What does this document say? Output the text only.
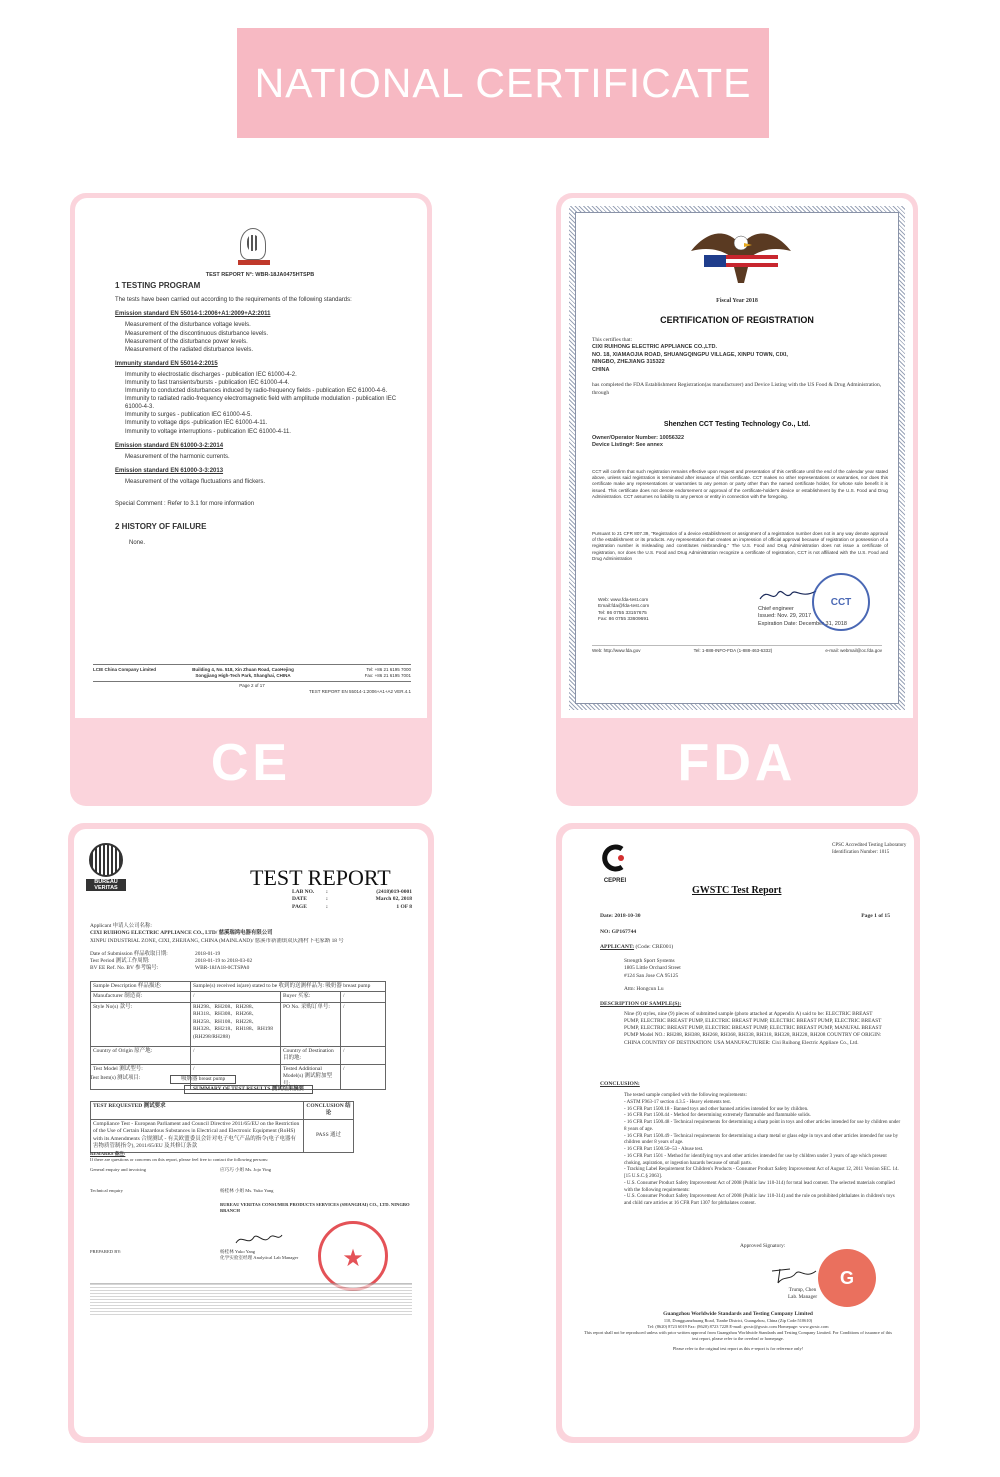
NATIONAL CERTIFICATE
TEST REPORT N°: WBR-18JA0475HTSPB
1 TESTING PROGRAM
The tests have been carried out according to the requirements of the following standards:
Emission standard EN 55014-1:2006+A1:2009+A2:2011
Measurement of the disturbance voltage levels.
Measurement of the discontinuous disturbance levels.
Measurement of the disturbance power levels.
Measurement of the radiated disturbance levels.
Immunity standard EN 55014-2:2015
Immunity to electrostatic discharges - publication IEC 61000-4-2.
Immunity to fast transients/bursts - publication IEC 61000-4-4.
Immunity to conducted disturbances induced by radio-frequency fields - publication IEC 61000-4-6.
Immunity to radiated radio-frequency electromagnetic field with amplitude modulation - publication IEC 61000-4-3.
Immunity to surges - publication IEC 61000-4-5.
Immunity to voltage dips -publication IEC 61000-4-11.
Immunity to voltage interruptions - publication IEC 61000-4-11.
Emission standard EN 61000-3-2:2014
Measurement of the harmonic currents.
Emission standard EN 61000-3-3:2013
Measurement of the voltage fluctuations and flickers.
Special Comment : Refer to 3.1 for more information
2 HISTORY OF FAILURE
None.
LCIE China Company Limited	Building 4, No. 518, Xin Zhuan Road, CaoHejing Songjiang High-Tech Park, Shanghai, CHINA
Tel: +86 21 6195 7000
Fax: +86 21 6195 7001
Page 2 of 17
TEST REPORT EN 55014-1:2006+A1+A2 VER.4.1
CE
Fiscal Year 2018
CERTIFICATION OF REGISTRATION
This certifies that:
CIXI RUIHONG ELECTRIC APPLIANCE CO.,LTD.
NO. 18, XIAMAOJIA ROAD, SHUANGQINGPU VILLAGE, XINPU TOWN, CIXI,
NINGBO, ZHEJIANG 315322
CHINA
has completed the FDA Establishment Registration(as manufacturer) and Device Listing with the US Food & Drug Administration, through
Shenzhen CCT Testing Technology Co., Ltd.
Owner/Operator Number: 10056322
Device Listing#: See annex
CCT will confirm that such registration remains effective upon request and presentation of this certificate until the end of the calendar year stated above, unless said registration is terminated after issuance of this certificate. CCT makes no other representations or warranties, nor does this certificate make any representations or warranties to any person or party other than the named certificate holder, for whose sole benefit it is issued. This certificate does not denote endorsement or approval of the certificate-holder's device or establishment by the U.S. Food and Drug Administration. CCT assumes no liability to any person or entity in connection with the foregoing.
Pursuant to 21 CFR 807.39, "Registration of a device establishment or assignment of a registration number does not in any way denote approval of the establishment or its products. Any representation that creates an impression of official approval because of registration or possession of a registration number is misleading and constitutes misbranding." The U.S. Food and Drug Administration does not issue a certificate of registration, nor does the U.S. Food and Drug Administration recognize a certificate of registration, CCT is not affiliated with the U.S. Food and Drug Administration
Web: www.fda-test.com
Email:fda@fda-test.com
Tel: 86 0755 33157675
Fax: 86 0755 33609691
Chief engineer
Issued: Nov. 29, 2017
Expiration Date: December 31, 2018
CCT
Web: http://www.fda.gov	Tel: 1-888-INFO-FDA (1-888-463-6332)	e-mail: webmail@oc.fda.gov
FDA
BUREAU
VERITAS	TEST REPORT
LAB NO.	:	(2418)019-0001
DATE	:	March 02, 2018
PAGE	:	1 OF 8
Applicant 申请人公司名称:
CIXI RUIHONG ELECTRIC APPLIANCE CO., LTD/ 慈溪瑞鸿电器有限公司
XINPU INDUSTRIAL ZONE, CIXI, ZHEJIANG, CHINA (MAINLAND)/ 慈溪市新浦镇双庆浦村下毛家路 18 号
Date of Submission 样品收取日期:	2018-01-19
Test Period 测试工作周期:	2018-01-19 to 2018-03-02
BV EE Ref. No. BV 参考编号:	WBR-18JA18-0CTSPA0
Sample Description 样品描述:	Sample(s) received is(are) stated to be 收到的送测样品为: 吸奶器 breast pump		
Manufacturer 制造商:	/	Buyer 买家:	/
Style No(s) 款号:	RH298、RH208、RH288、RH318、RH308、RH268、RH258、RH108、RH228、RH328、RH218、RH188、RH198 (RH298/RH288)	PO No. 采购订单号:	/
Country of Origin 原产地:	/	Country of Destination 目的地:	/
Test Model 测试型号:	/	Tested Additional Model(s) 测试附加型号:	/
Test Item(s) 测试项目:	吸奶器 breast pump
SUMMARY OF TEST RESULTS 测试结果摘要
TEST REQUESTED 测试要求	CONCLUSION 结论
Compliance Test - European Parliament and Council Directive 2011/65/EU on the Restriction of the Use of Certain Hazardous Substances in Electrical and Electronic Equipment (RoHS) with its Amendments 合规测试 - 有关欧盟委员会针对电子电气产品的指令(电子电器有害物质管制指令), 2011/65/EU 及其修订条款	PASS 通过
REMARKS 备注:
If there are questions or concerns on this report, please feel free to contact the following persons:
General enquiry and invoicing
Technical enquiry
应巧巧 小姐 Ms. Jojo Ying
杨桂林 小姐 Ms. Yuko Yang
BUREAU VERITAS CONSUMER PRODUCTS SERVICES (SHANGHAI) CO., LTD. NINGBO BRANCH
PREPARED BY:	杨桂林 Yuko Yang
化学实验室经理 Analytical Lab Manager	★
CEPREI
CPSC Accredited Testing Laboratory Identification Number: 1015
GWSTC Test Report
Date: 2018-10-30	Page 1 of 15
NO: GP167744
APPLICANT: (Code: CRE001)
Strength Sport Systems
1805 Little Orchard Street
#124 San Jose CA 95125
Attn: Hongcun Lu
DESCRIPTION OF SAMPLE(S):
Nine (9) styles, nine (9) pieces of submitted sample (photo attached at Appendix A) said to be: ELECTRIC BREAST PUMP, ELECTRIC BREAST PUMP, ELECTRIC BREAST PUMP, ELECTRIC BREAST PUMP, ELECTRIC BREAST PUMP, ELECTRIC BREAST PUMP, ELECTRIC BREAST PUMP, ELECTRIC BREAST PUMP, MANUFAL BREAST PUMP Model NO.: RH288, RH388, RH268, RH368, RH338, RH318, RH328, RH228, RH208 COUNTRY OF ORIGIN: CHINA COUNTRY OF DESTINATION: USA MANUFACTURER: Cixi Ruihong Electric Appliace Co., Ltd.
CONCLUSION:
The tested sample complied with the following requirements:
- ASTM F963-17 section 4.3.5 - Heavy elements test.
- 16 CFR Part 1500.18 - Banned toys and other banned articles intended for use by children.
- 16 CFR Part 1500.44 - Method for determining extremely flammable and flammable solids.
- 16 CFR Part 1500.48 - Technical requirements for determining a sharp point in toys and other articles intended for use by children under 8 years of age.
- 16 CFR Part 1500.49 - Technical requirements for determining a sharp metal or glass edge in toys and other articles intended for use by children under 8 years of age.
- 16 CFR Part 1500.50~53 - Abuse test.
- 16 CFR Part 1501 - Method for identifying toys and other articles intended for use by children under 3 years of age which present choking, aspiration, or ingestion hazards because of small parts.
- Tracking Label Requirement for Children's Products - Consumer Product Safety Improvement Act of August 12, 2011 Version SEC. 14. [15 U.S.C.§ 2063].
- U.S. Consumer Product Safety Improvement Act of 2008 (Public law 110-314) for total lead content. The selected materials complied with the following requirements:
- U.S. Consumer Product Safety Improvement Act of 2008 (Public law 110-314) and the rule on prohibited phthalates in children's toys and child care articles at 16 CFR Part 1307 for phthalates content.
Approved Signatory:
Trump, Chen
Lab. Manager
G
Guangzhou Worldwide Standards and Testing Company Limited
110, Dongguanzhuang Road, Tianhe District, Guangzhou, China (Zip Code:510610)
Tel: (8620) 8723 6019 Fax: (8620) 8723 7228 E-mail: gwstc@gwstc.com Homepage: www.gwstc.com
This report shall not be reproduced unless with prior written approval from Guangzhou Worldwide Standards and Testing Company Limited. For Conditions of issuance of this test report, please refer to the overleaf or homepage.
Please refer to the original test report as this e-report is for reference only!
